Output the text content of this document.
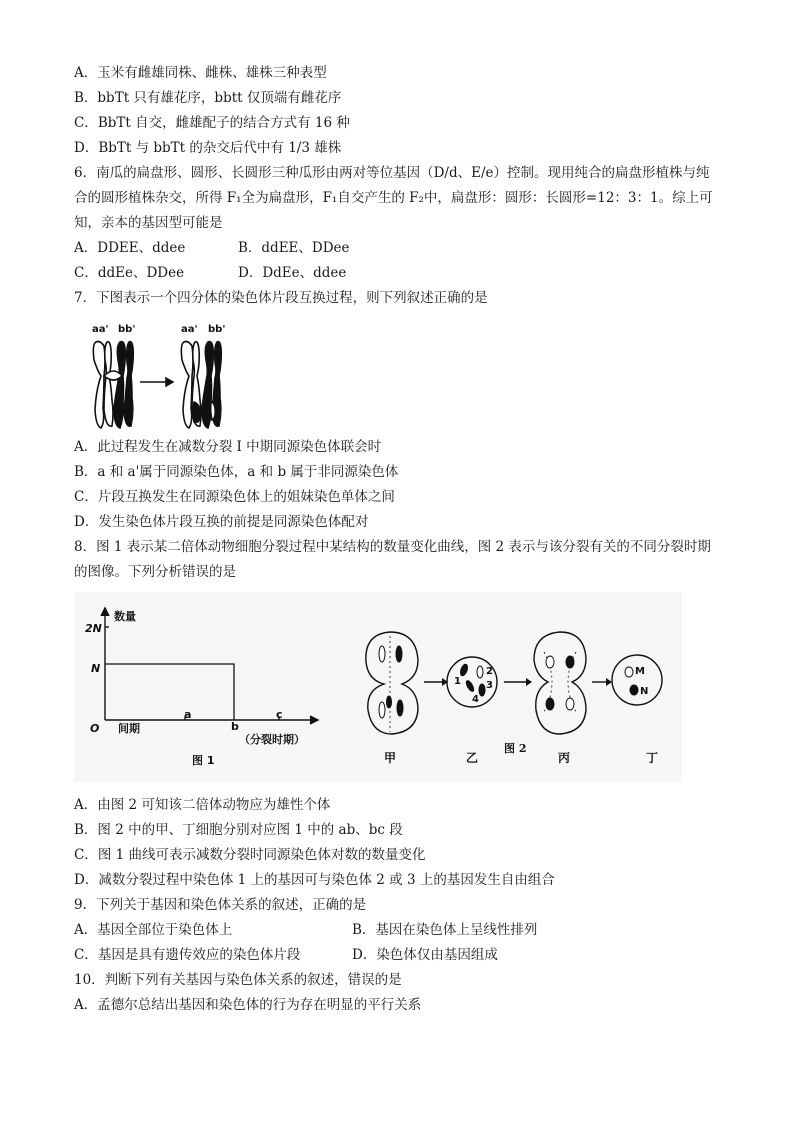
A．玉米有雌雄同株、雌株、雄株三种表型
B．bbTt 只有雄花序，bbtt 仅顶端有雌花序
C．BbTt 自交，雌雄配子的结合方式有 16 种
D．BbTt 与 bbTt 的杂交后代中有 1/3 雄株
6．南瓜的扁盘形、圆形、长圆形三种瓜形由两对等位基因（D/d、E/e）控制。现用纯合的扁盘形植株与纯
合的圆形植株杂交，所得 F₁全为扁盘形，F₁自交产生的 F₂中，扁盘形：圆形：长圆形=12：3：1。综上可
知，亲本的基因型可能是
A．DDEE、ddee	B．ddEE、DDee
C．ddEe、DDee	D．DdEe、ddee
7．下图表示一个四分体的染色体片段互换过程，则下列叙述正确的是
aa' bb'	aa' bb'
A．此过程发生在减数分裂 I 中期同源染色体联会时
B．a 和 a'属于同源染色体，a 和 b 属于非同源染色体
C．片段互换发生在同源染色体上的姐妹染色单体之间
D．发生染色体片段互换的前提是同源染色体配对
8．图 1 表示某二倍体动物细胞分裂过程中某结构的数量变化曲线，图 2 表示与该分裂有关的不同分裂时期
的图像。下列分析错误的是
数量
2N
N
O 间期
a
b
c
（分裂时期）
图 1
1
2
3
4
M
N
甲	乙
图 2
丙	丁
A．由图 2 可知该二倍体动物应为雄性个体
B．图 2 中的甲、丁细胞分别对应图 1 中的 ab、bc 段
C．图 1 曲线可表示减数分裂时同源染色体对数的数量变化
D．减数分裂过程中染色体 1 上的基因可与染色体 2 或 3 上的基因发生自由组合
9．下列关于基因和染色体关系的叙述，正确的是
A．基因全部位于染色体上	B．基因在染色体上呈线性排列
C．基因是具有遗传效应的染色体片段	D．染色体仅由基因组成
10．判断下列有关基因与染色体关系的叙述，错误的是
A．孟德尔总结出基因和染色体的行为存在明显的平行关系
